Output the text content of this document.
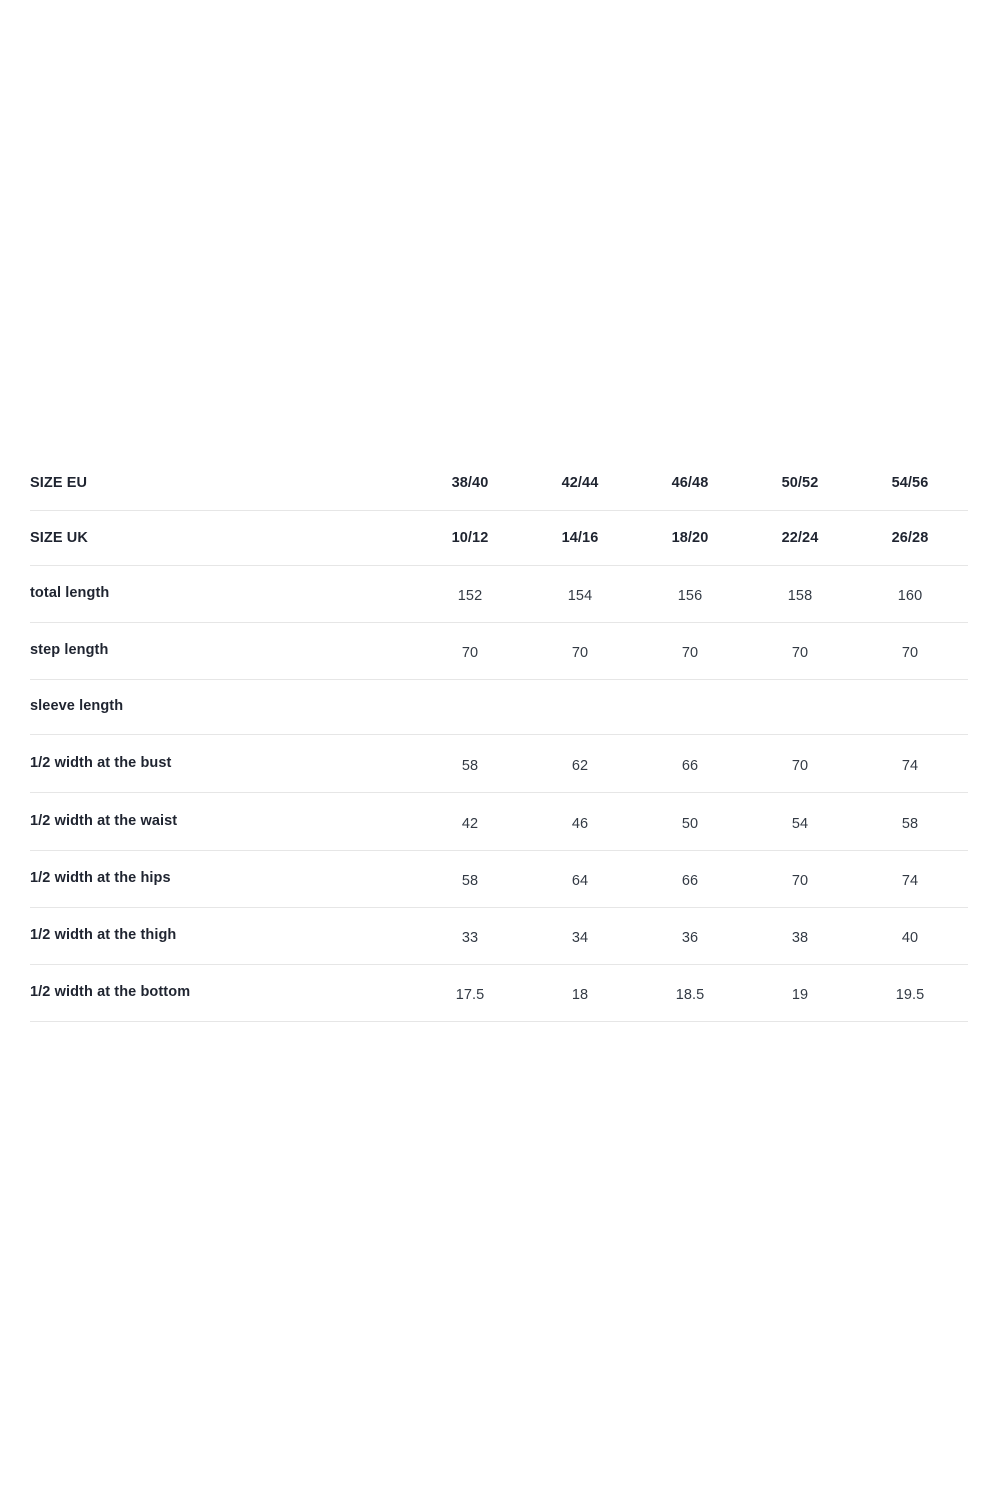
SIZE EU	38/40	42/44	46/48	50/52	54/56
SIZE UK	10/12	14/16	18/20	22/24	26/28
total length	152	154	156	158	160
step length	70	70	70	70	70
sleeve length
1/2 width at the bust	58	62	66	70	74
1/2 width at the waist	42	46	50	54	58
1/2 width at the hips	58	64	66	70	74
1/2 width at the thigh	33	34	36	38	40
1/2 width at the bottom	17.5	18	18.5	19	19.5
